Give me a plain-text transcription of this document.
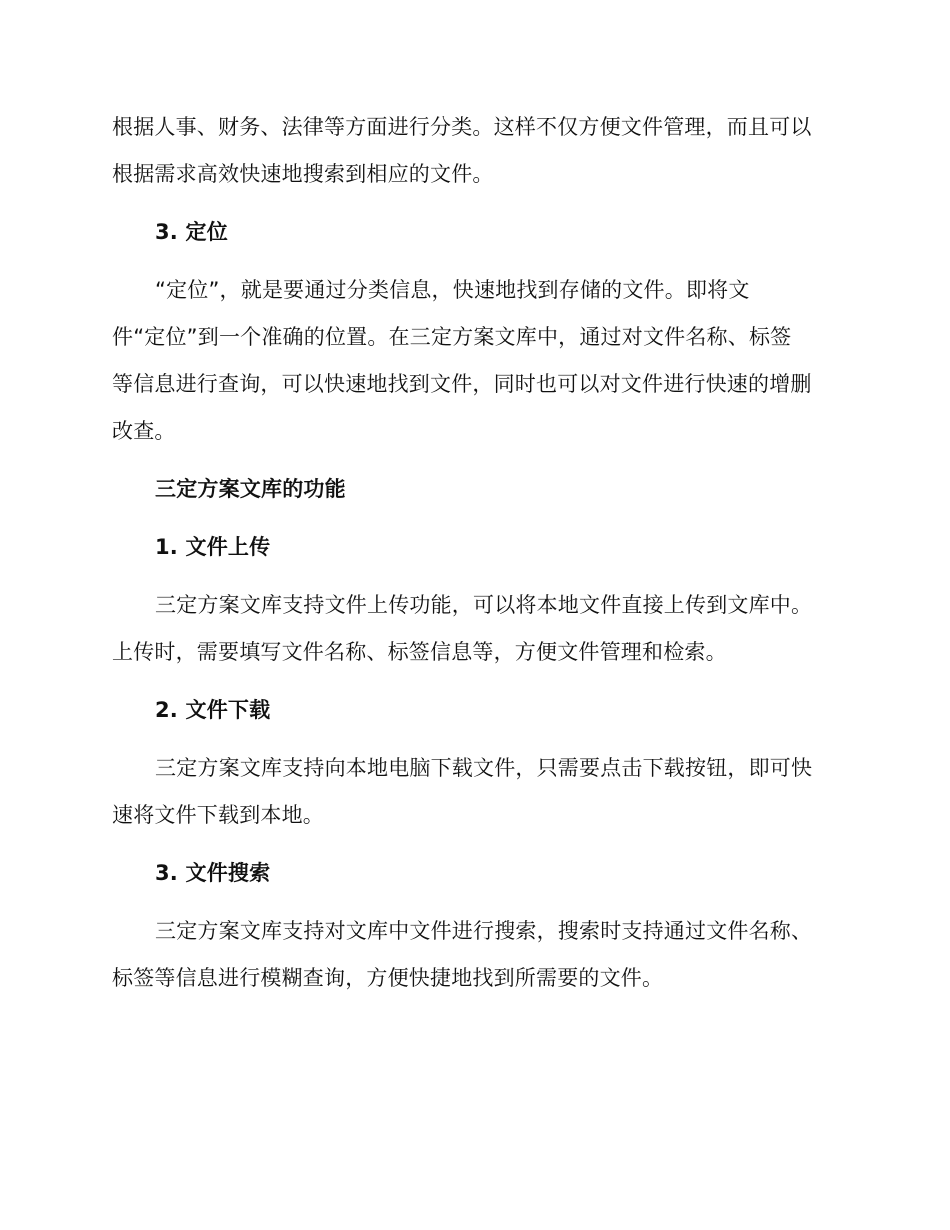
根据人事、财务、法律等方面进行分类。这样不仅方便文件管理，而且可以
根据需求高效快速地搜索到相应的文件。
3. 定位
“定位”，就是要通过分类信息，快速地找到存储的文件。即将文
件“定位”到一个准确的位置。在三定方案文库中，通过对文件名称、标签
等信息进行查询，可以快速地找到文件，同时也可以对文件进行快速的增删
改查。
三定方案文库的功能
1. 文件上传
三定方案文库支持文件上传功能，可以将本地文件直接上传到文库中。
上传时，需要填写文件名称、标签信息等，方便文件管理和检索。
2. 文件下载
三定方案文库支持向本地电脑下载文件，只需要点击下载按钮，即可快
速将文件下载到本地。
3. 文件搜索
三定方案文库支持对文库中文件进行搜索，搜索时支持通过文件名称、
标签等信息进行模糊查询，方便快捷地找到所需要的文件。
